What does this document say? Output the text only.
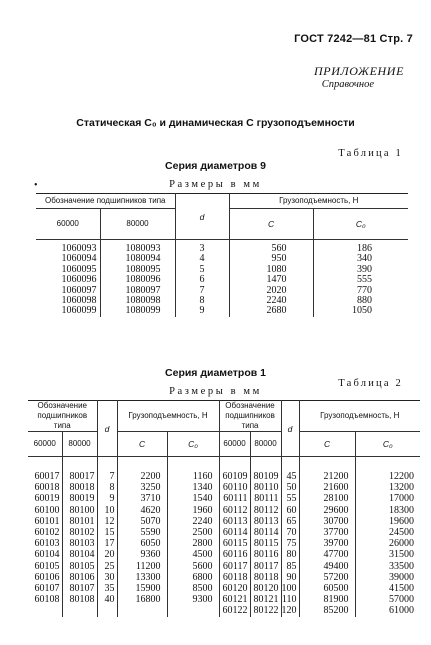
ГОСТ 7242—81 Стр. 7
ПРИЛОЖЕНИЕ
Справочное
Статическая C₀ и динамическая C грузоподъемности
Таблица 1
Серия диаметров 9
Размеры в мм
•
Обозначение подшипников типа		d	Грузоподъемность, Н	
60000	80000		C	C₀

1060093	1080093	3	560	186
1060094	1080094	4	950	340
1060095	1080095	5	1080	390
1060096	1080096	6	1470	555
1060097	1080097	7	2020	770
1060098	1080098	8	2240	880
1060099	1080099	9	2680	1050
Таблица 2
Серия диаметров 1
Размеры в мм
Обозначение подшипников типа		d	Грузоподъемность, Н		Обозначение подшипников типа		d	Грузоподъемность, Н	
60000	80000		C	C₀	60000	80000		C	C₀

60017	80017	7	2200	1160	60109	80109	45	21200	12200
60018	80018	8	3250	1340	60110	80110	50	21600	13200
60019	80019	9	3710	1540	60111	80111	55	28100	17000
60100	80100	10	4620	1960	60112	80112	60	29600	18300
60101	80101	12	5070	2240	60113	80113	65	30700	19600
60102	80102	15	5590	2500	60114	80114	70	37700	24500
60103	80103	17	6050	2800	60115	80115	75	39700	26000
60104	80104	20	9360	4500	60116	80116	80	47700	31500
60105	80105	25	11200	5600	60117	80117	85	49400	33500
60106	80106	30	13300	6800	60118	80118	90	57200	39000
60107	80107	35	15900	8500	60120	80120	100	60500	41500
60108	80108	40	16800	9300	60121	80121	110	81900	57000
					60122	80122	120	85200	61000
